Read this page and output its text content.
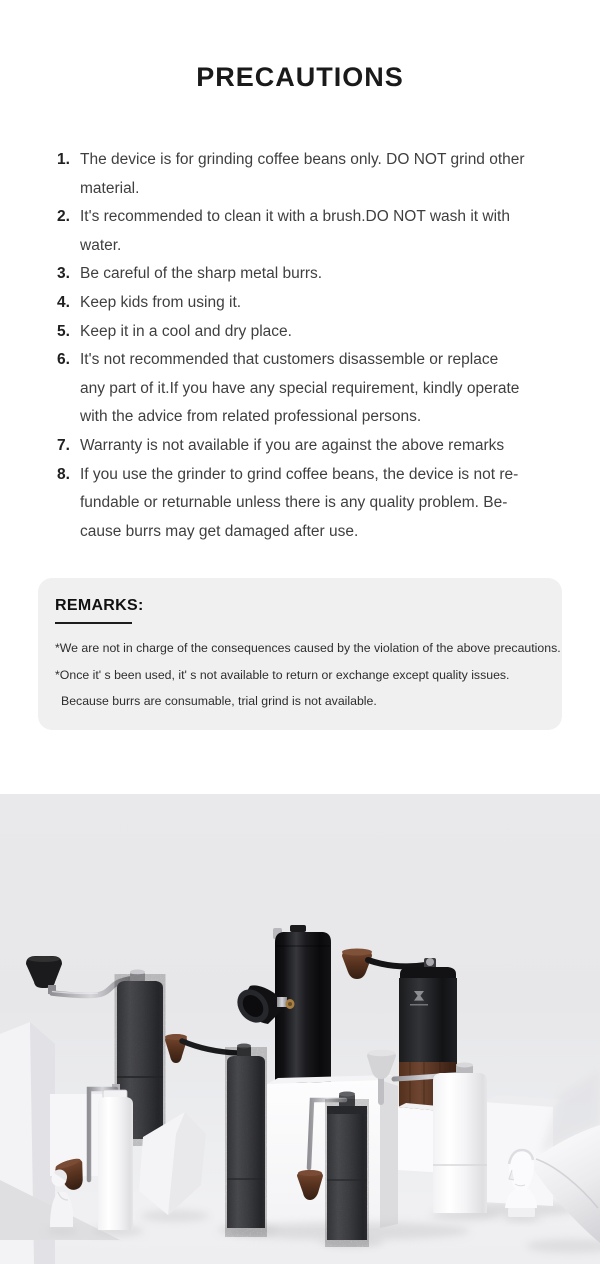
PRECAUTIONS
1. The device is for grinding coffee beans only. DO NOT grind other
material.
2. It's recommended to clean it with a brush.DO NOT wash it with
water.
3. Be careful of the sharp metal burrs.
4. Keep kids from using it.
5. Keep it in a cool and dry place.
6. It's not recommended that customers disassemble or replace
any part of it.If you have any special requirement, kindly operate
with the advice from related professional persons.
7. Warranty is not available if you are against the above remarks
8. If you use the grinder to grind coffee beans, the device is not re-
fundable or returnable unless there is any quality problem. Be-
cause burrs may get damaged after use.
REMARKS:
*We are not in charge of the consequences caused by the violation of the above precautions.
*Once it' s been used, it' s not available to return or exchange except quality issues.
Because burrs are consumable, trial grind is not available.
